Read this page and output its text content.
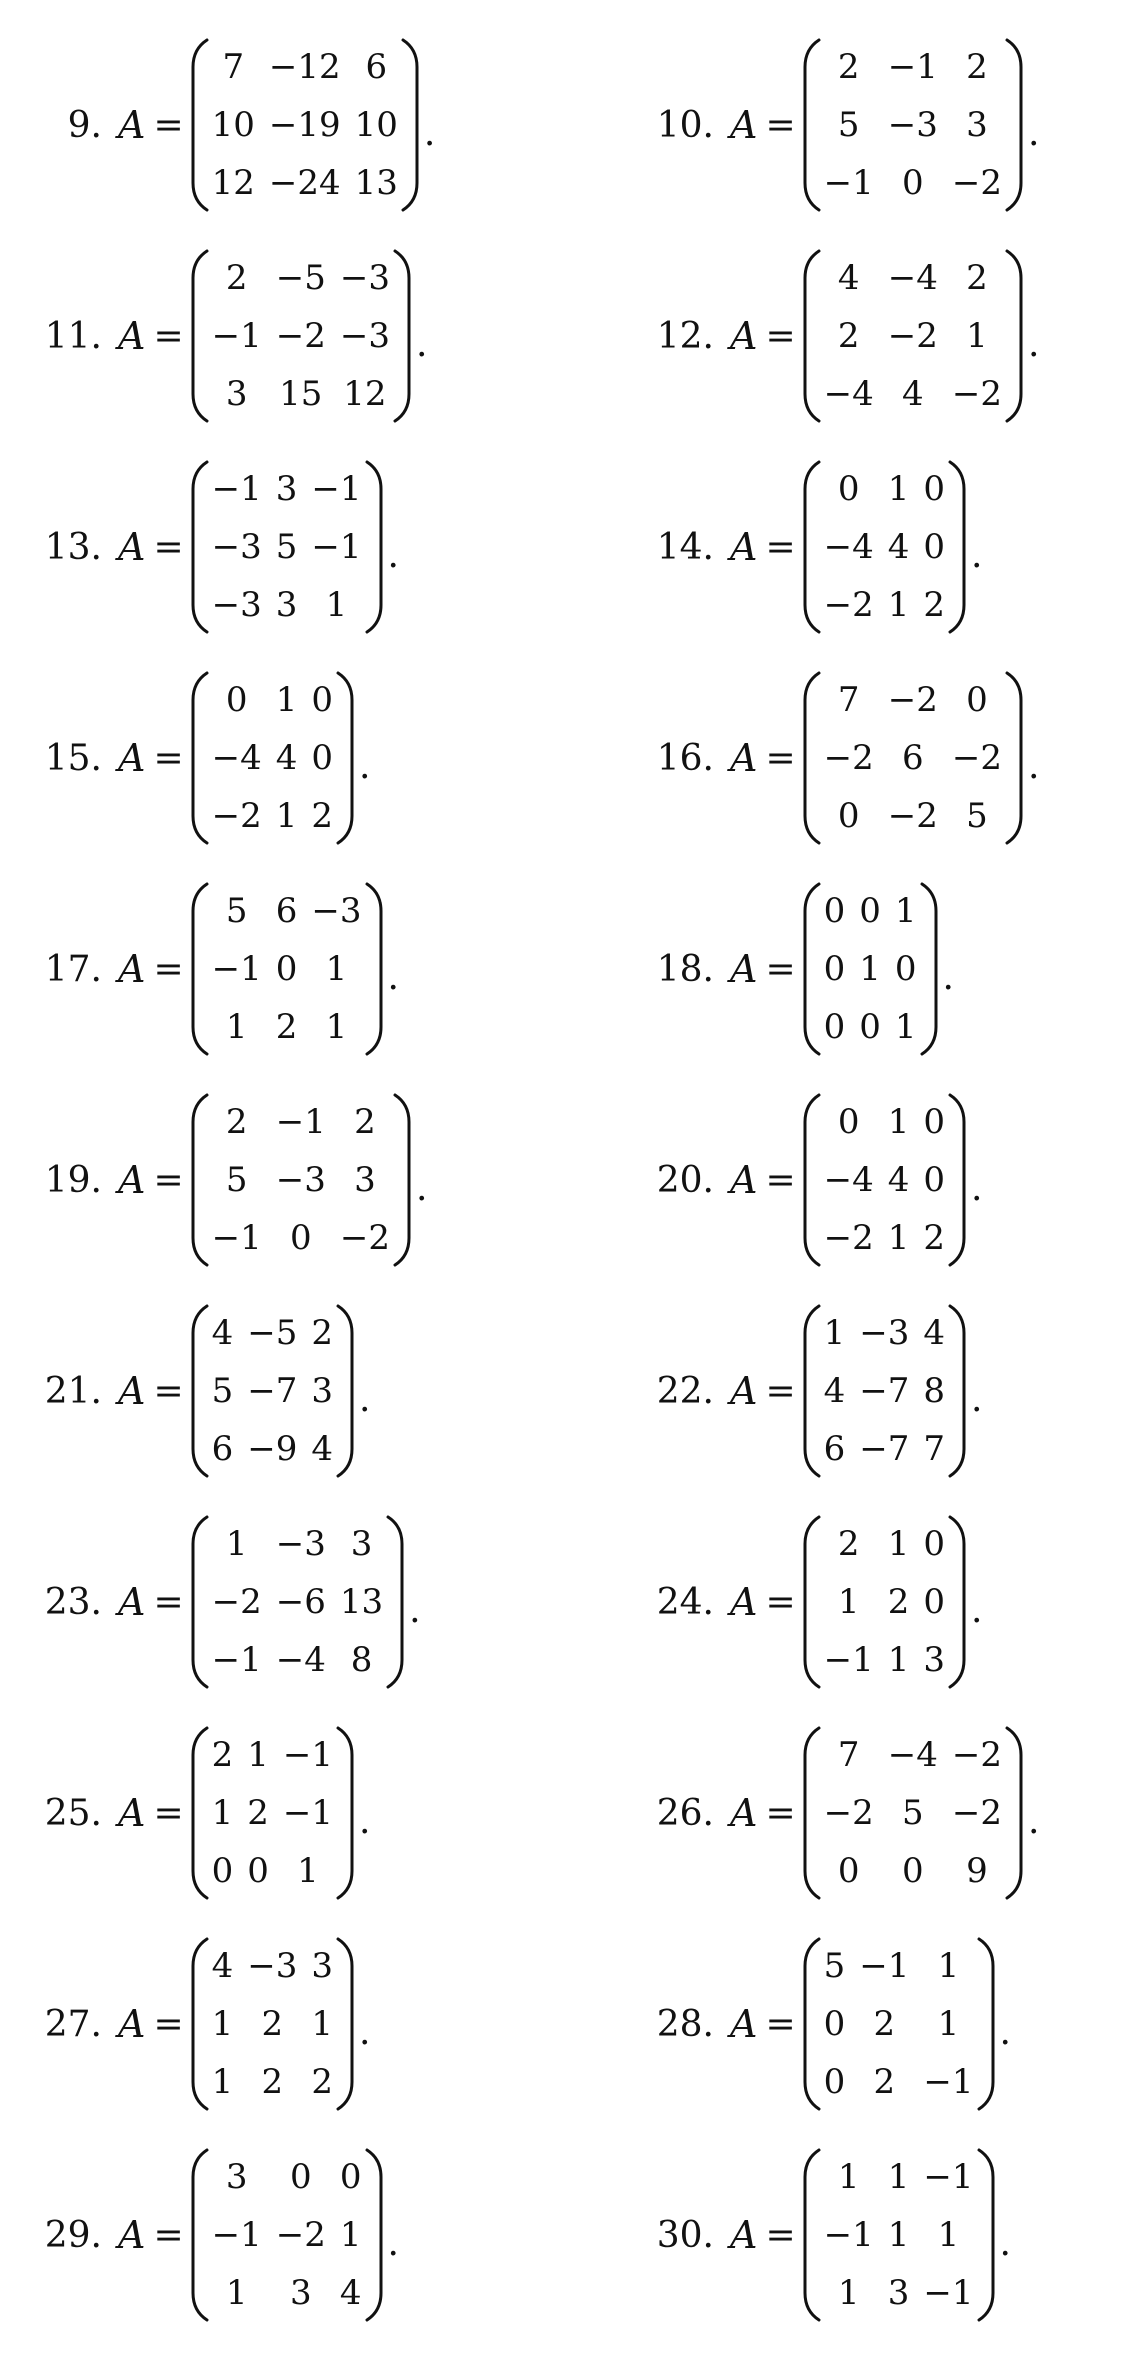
9. A =
7 −12 6
10 −19 10
12 −24 13
.	10. A =
2 −1 2
5 −3 3
−1 0 −2
.
11. A =
2 −5 −3
−1 −2 −3
3 15 12
.	12. A =
4 −4 2
2 −2 1
−4 4 −2
.
13. A =
−1 3 −1
−3 5 −1
−3 3 1
.	14. A =
0 1 0
−4 4 0
−2 1 2
.
15. A =
0 1 0
−4 4 0
−2 1 2
.	16. A =
7 −2 0
−2 6 −2
0 −2 5
.
17. A =
5 6 −3
−1 0 1
1 2 1
.	18. A =
0 0 1
0 1 0
0 0 1
.
19. A =
2 −1 2
5 −3 3
−1 0 −2
.	20. A =
0 1 0
−4 4 0
−2 1 2
.
21. A =
4 −5 2
5 −7 3
6 −9 4
.	22. A =
1 −3 4
4 −7 8
6 −7 7
.
23. A =
1 −3 3
−2 −6 13
−1 −4 8
.	24. A =
2 1 0
1 2 0
−1 1 3
.
25. A =
2 1 −1
1 2 −1
0 0 1
.	26. A =
7 −4 −2
−2 5 −2
0	0	9
.
27. A =
4 −3 3
1 2 1
1 2 2
.	28. A =
5 −1 1
0 2	1
0 2 −1
.
29. A =
3	0 0
−1 −2 1
1	3 4
.	30. A =
1 1 −1
−1 1 1
1 3 −1
.
